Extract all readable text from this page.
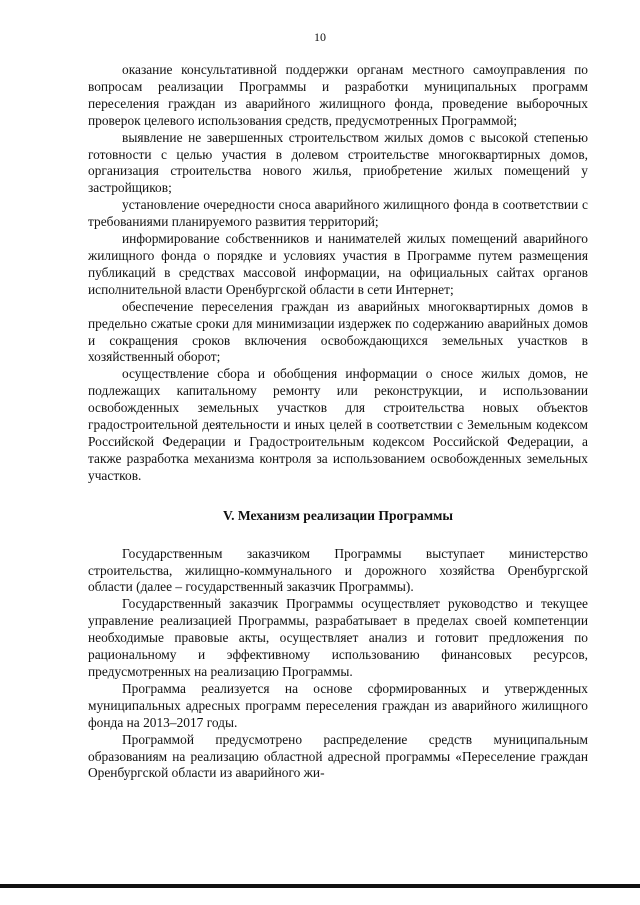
10

оказание консультативной поддержки органам местного самоуправления по вопросам реализации Программы и разработки муниципальных программ переселения граждан из аварийного жилищного фонда, проведение выборочных проверок целевого использования средств, предусмотренных Программой;

выявление не завершенных строительством жилых домов с высокой степенью готовности с целью участия в долевом строительстве многоквартирных домов, организация строительства нового жилья, приобретение жилых помещений у застройщиков;

установление очередности сноса аварийного жилищного фонда в соответствии с требованиями планируемого развития территорий;

информирование собственников и нанимателей жилых помещений аварийного жилищного фонда о порядке и условиях участия в Программе путем размещения публикаций в средствах массовой информации, на официальных сайтах органов исполнительной власти Оренбургской области в сети Интернет;

обеспечение переселения граждан из аварийных многоквартирных домов в предельно сжатые сроки для минимизации издержек по содержанию аварийных домов и сокращения сроков включения освобождающихся земельных участков в хозяйственный оборот;

осуществление сбора и обобщения информации о сносе жилых домов, не подлежащих капитальному ремонту или реконструкции, и использовании освобожденных земельных участков для строительства новых объектов градостроительной деятельности и иных целей в соответствии с Земельным кодексом Российской Федерации и Градостроительным кодексом Российской Федерации, а также разработка механизма контроля за использованием освобожденных земельных участков.

V. Механизм реализации Программы

Государственным заказчиком Программы выступает министерство строительства, жилищно-коммунального и дорожного хозяйства Оренбургской области (далее – государственный заказчик Программы).

Государственный заказчик Программы осуществляет руководство и текущее управление реализацией Программы, разрабатывает в пределах своей компетенции необходимые правовые акты, осуществляет анализ и готовит предложения по рациональному и эффективному использованию финансовых ресурсов, предусмотренных на реализацию Программы.

Программа реализуется на основе сформированных и утвержденных муниципальных адресных программ переселения граждан из аварийного жилищного фонда на 2013–2017 годы.

Программой предусмотрено распределение средств муниципальным образованиям на реализацию областной адресной программы «Переселение граждан Оренбургской области из аварийного жи-
